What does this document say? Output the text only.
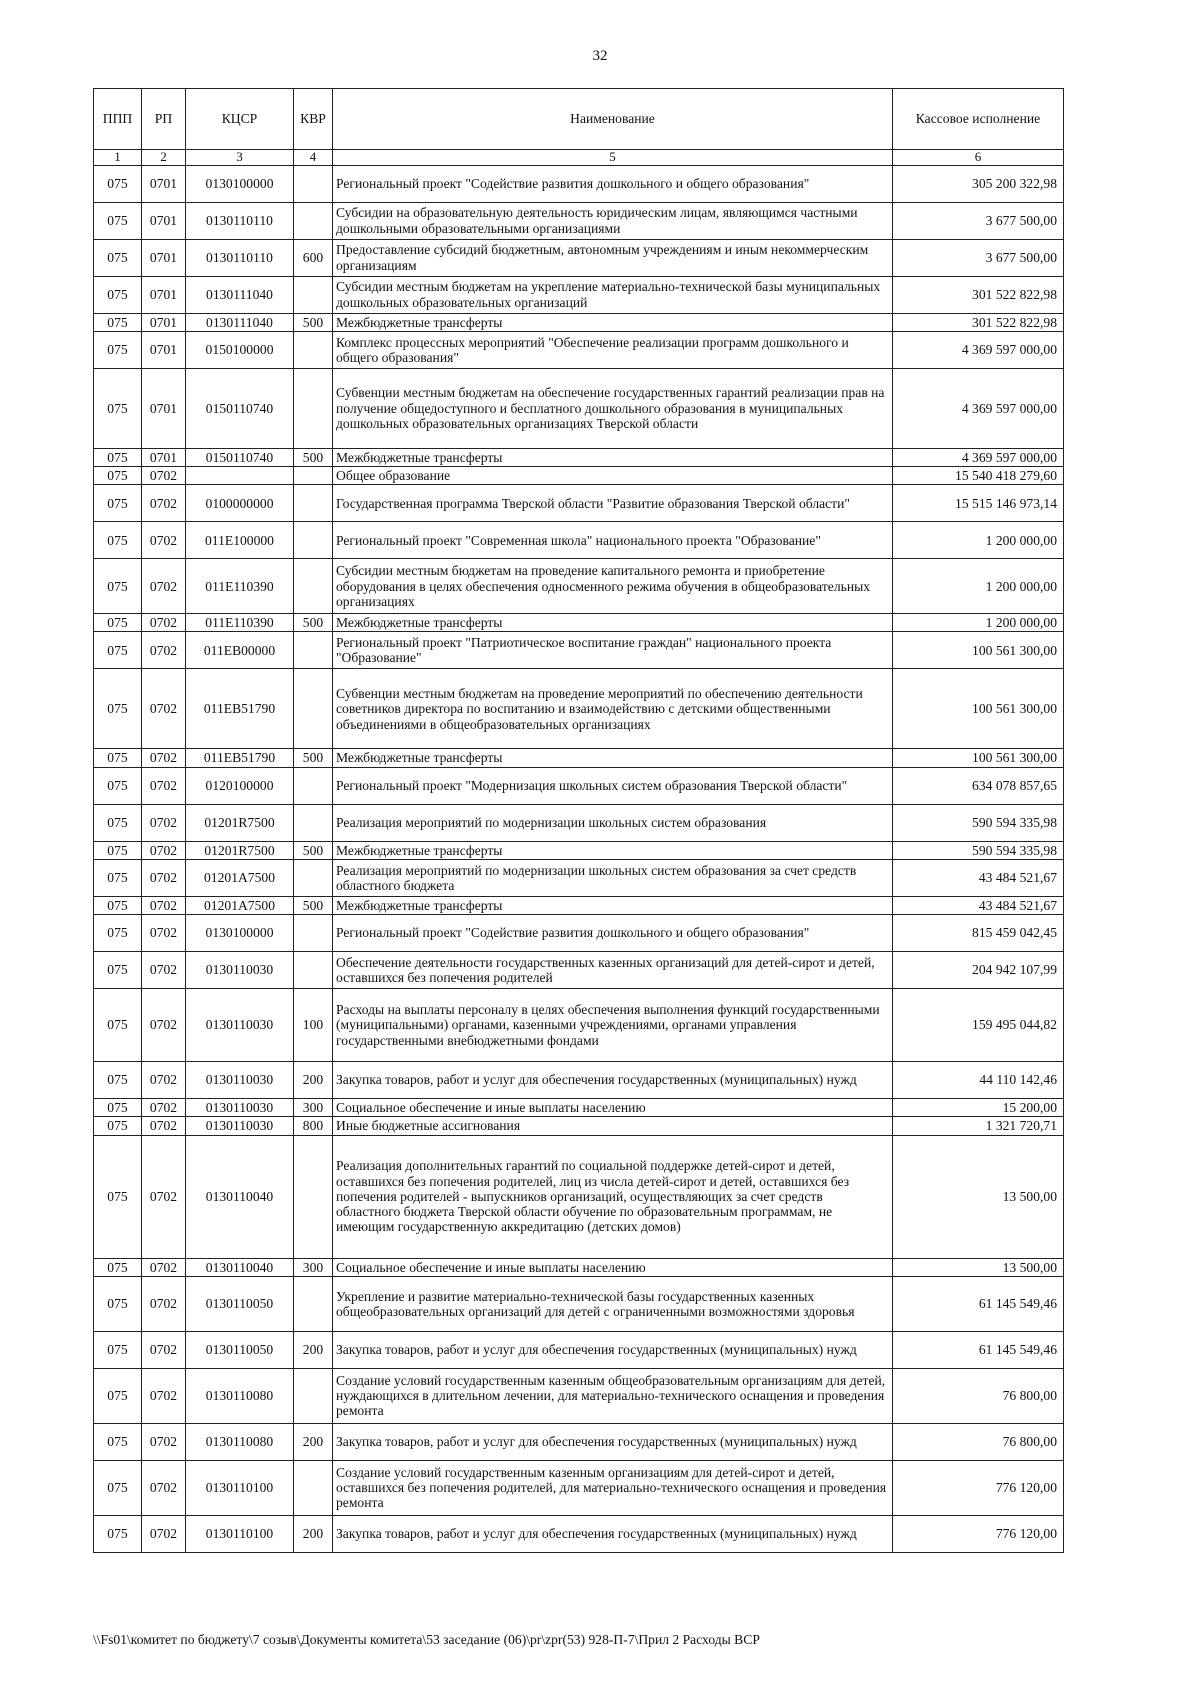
32
ППП	РП	КЦСР	КВР	Наименование	Кассовое исполнение
1	2	3	4	5	6
075	0701	0130100000		Региональный проект "Содействие развития дошкольного и общего образования"	305 200 322,98
075	0701	0130110110		Субсидии на образовательную деятельность юридическим лицам, являющимся частными дошкольными образовательными организациями	3 677 500,00
075	0701	0130110110	600	Предоставление субсидий бюджетным, автономным учреждениям и иным некоммерческим организациям	3 677 500,00
075	0701	0130111040		Субсидии местным бюджетам на укрепление материально-технической базы муниципальных дошкольных образовательных организаций	301 522 822,98
075	0701	0130111040	500	Межбюджетные трансферты	301 522 822,98
075	0701	0150100000		Комплекс процессных мероприятий "Обеспечение реализации программ дошкольного и общего образования"	4 369 597 000,00
075	0701	0150110740		Субвенции местным бюджетам на обеспечение государственных гарантий реализации прав на получение общедоступного и бесплатного дошкольного образования в муниципальных дошкольных образовательных организациях Тверской области	4 369 597 000,00
075	0701	0150110740	500	Межбюджетные трансферты	4 369 597 000,00
075	0702			Общее образование	15 540 418 279,60
075	0702	0100000000		Государственная программа Тверской области "Развитие образования Тверской области"	15 515 146 973,14
075	0702	011E100000		Региональный проект "Современная школа" национального проекта "Образование"	1 200 000,00
075	0702	011E110390		Субсидии местным бюджетам на проведение капитального ремонта и приобретение оборудования в целях обеспечения односменного режима обучения в общеобразовательных организациях	1 200 000,00
075	0702	011E110390	500	Межбюджетные трансферты	1 200 000,00
075	0702	011EB00000		Региональный проект "Патриотическое воспитание граждан" национального проекта "Образование"	100 561 300,00
075	0702	011EB51790		Субвенции местным бюджетам на проведение мероприятий по обеспечению деятельности советников директора по воспитанию и взаимодействию с детскими общественными объединениями в общеобразовательных организациях	100 561 300,00
075	0702	011EB51790	500	Межбюджетные трансферты	100 561 300,00
075	0702	0120100000		Региональный проект "Модернизация школьных систем образования Тверской области"	634 078 857,65
075	0702	01201R7500		Реализация мероприятий по модернизации школьных систем образования	590 594 335,98
075	0702	01201R7500	500	Межбюджетные трансферты	590 594 335,98
075	0702	01201A7500		Реализация мероприятий по модернизации школьных систем образования за счет средств областного бюджета	43 484 521,67
075	0702	01201A7500	500	Межбюджетные трансферты	43 484 521,67
075	0702	0130100000		Региональный проект "Содействие развития дошкольного и общего образования"	815 459 042,45
075	0702	0130110030		Обеспечение деятельности государственных казенных организаций для детей-сирот и детей, оставшихся без попечения родителей	204 942 107,99
075	0702	0130110030	100	Расходы на выплаты персоналу в целях обеспечения выполнения функций государственными (муниципальными) органами, казенными учреждениями, органами управления государственными внебюджетными фондами	159 495 044,82
075	0702	0130110030	200	Закупка товаров, работ и услуг для обеспечения государственных (муниципальных) нужд	44 110 142,46
075	0702	0130110030	300	Социальное обеспечение и иные выплаты населению	15 200,00
075	0702	0130110030	800	Иные бюджетные ассигнования	1 321 720,71
075	0702	0130110040		Реализация дополнительных гарантий по социальной поддержке детей-сирот и детей, оставшихся без попечения родителей, лиц из числа детей-сирот и детей, оставшихся без попечения родителей - выпускников организаций, осуществляющих за счет средств областного бюджета Тверской области обучение по образовательным программам, не имеющим государственную аккредитацию (детских домов)	13 500,00
075	0702	0130110040	300	Социальное обеспечение и иные выплаты населению	13 500,00
075	0702	0130110050		Укрепление и развитие материально-технической базы государственных казенных общеобразовательных организаций для детей с ограниченными возможностями здоровья	61 145 549,46
075	0702	0130110050	200	Закупка товаров, работ и услуг для обеспечения государственных (муниципальных) нужд	61 145 549,46
075	0702	0130110080		Создание условий государственным казенным общеобразовательным организациям для детей, нуждающихся в длительном лечении, для материально-технического оснащения и проведения ремонта	76 800,00
075	0702	0130110080	200	Закупка товаров, работ и услуг для обеспечения государственных (муниципальных) нужд	76 800,00
075	0702	0130110100		Создание условий государственным казенным организациям для детей-сирот и детей, оставшихся без попечения родителей, для материально-технического оснащения и проведения ремонта	776 120,00
075	0702	0130110100	200	Закупка товаров, работ и услуг для обеспечения государственных (муниципальных) нужд	776 120,00
\\Fs01\комитет по бюджету\7 созыв\Документы комитета\53 заседание (06)\pr\zpr(53) 928-П-7\Прил 2 Расходы ВСР
